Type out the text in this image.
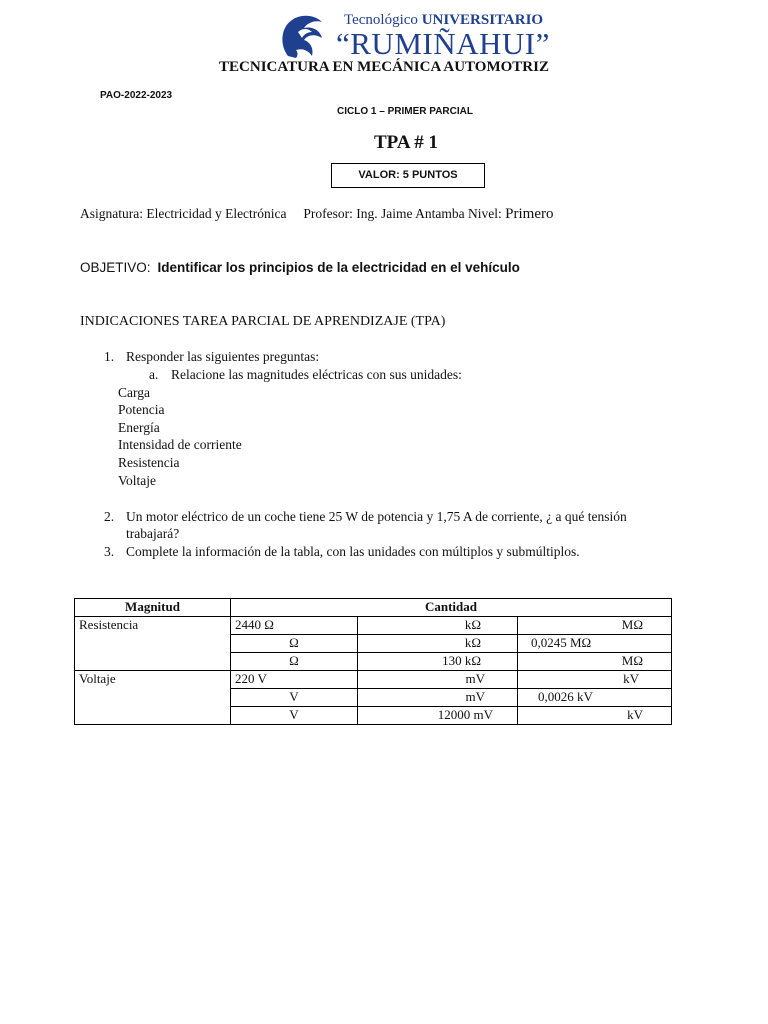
Tecnológico UNIVERSITARIO
“RUMIÑAHUI”
TECNICATURA EN MECÁNICA AUTOMOTRIZ
PAO-2022-2023
CICLO 1 – PRIMER PARCIAL
TPA # 1
VALOR: 5 PUNTOS
Asignatura: Electricidad y Electrónica Profesor: Ing. Jaime Antamba Nivel: Primero
OBJETIVO: Identificar los principios de la electricidad en el vehículo
INDICACIONES TAREA PARCIAL DE APRENDIZAJE (TPA)
1. Responder las siguientes preguntas:
a. Relacione las magnitudes eléctricas con sus unidades:
Carga
Potencia
Energía
Intensidad de corriente
Resistencia
Voltaje
2. Un motor eléctrico de un coche tiene 25 W de potencia y 1,75 A de corriente, ¿ a qué tensión
trabajará?
3. Complete la información de la tabla, con las unidades con múltiplos y submúltiplos.
Magnitud	Cantidad		
Resistencia	2440 Ω	kΩ	MΩ
	Ω	kΩ	0,0245 MΩ
	Ω	130 kΩ	MΩ
Voltaje	220 V	mV	kV
	V	mV	0,0026 kV
	V	12000 mV	kV
